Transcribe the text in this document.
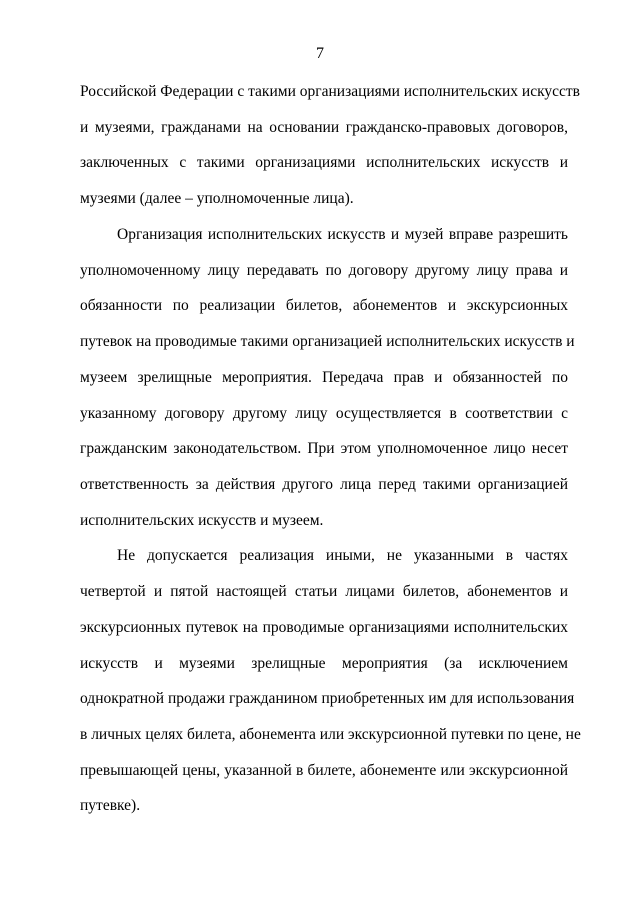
7
Российской Федерации с такими организациями исполнительских искусств
и музеями, гражданами на основании гражданско-правовых договоров,
заключенных с такими организациями исполнительских искусств и
музеями (далее – уполномоченные лица).
Организация исполнительских искусств и музей вправе разрешить
уполномоченному лицу передавать по договору другому лицу права и
обязанности по реализации билетов, абонементов и экскурсионных
путевок на проводимые такими организацией исполнительских искусств и
музеем зрелищные мероприятия. Передача прав и обязанностей по
указанному договору другому лицу осуществляется в соответствии с
гражданским законодательством. При этом уполномоченное лицо несет
ответственность за действия другого лица перед такими организацией
исполнительских искусств и музеем.
Не допускается реализация иными, не указанными в частях
четвертой и пятой настоящей статьи лицами билетов, абонементов и
экскурсионных путевок на проводимые организациями исполнительских
искусств и музеями зрелищные мероприятия (за исключением
однократной продажи гражданином приобретенных им для использования
в личных целях билета, абонемента или экскурсионной путевки по цене, не
превышающей цены, указанной в билете, абонементе или экскурсионной
путевке).
